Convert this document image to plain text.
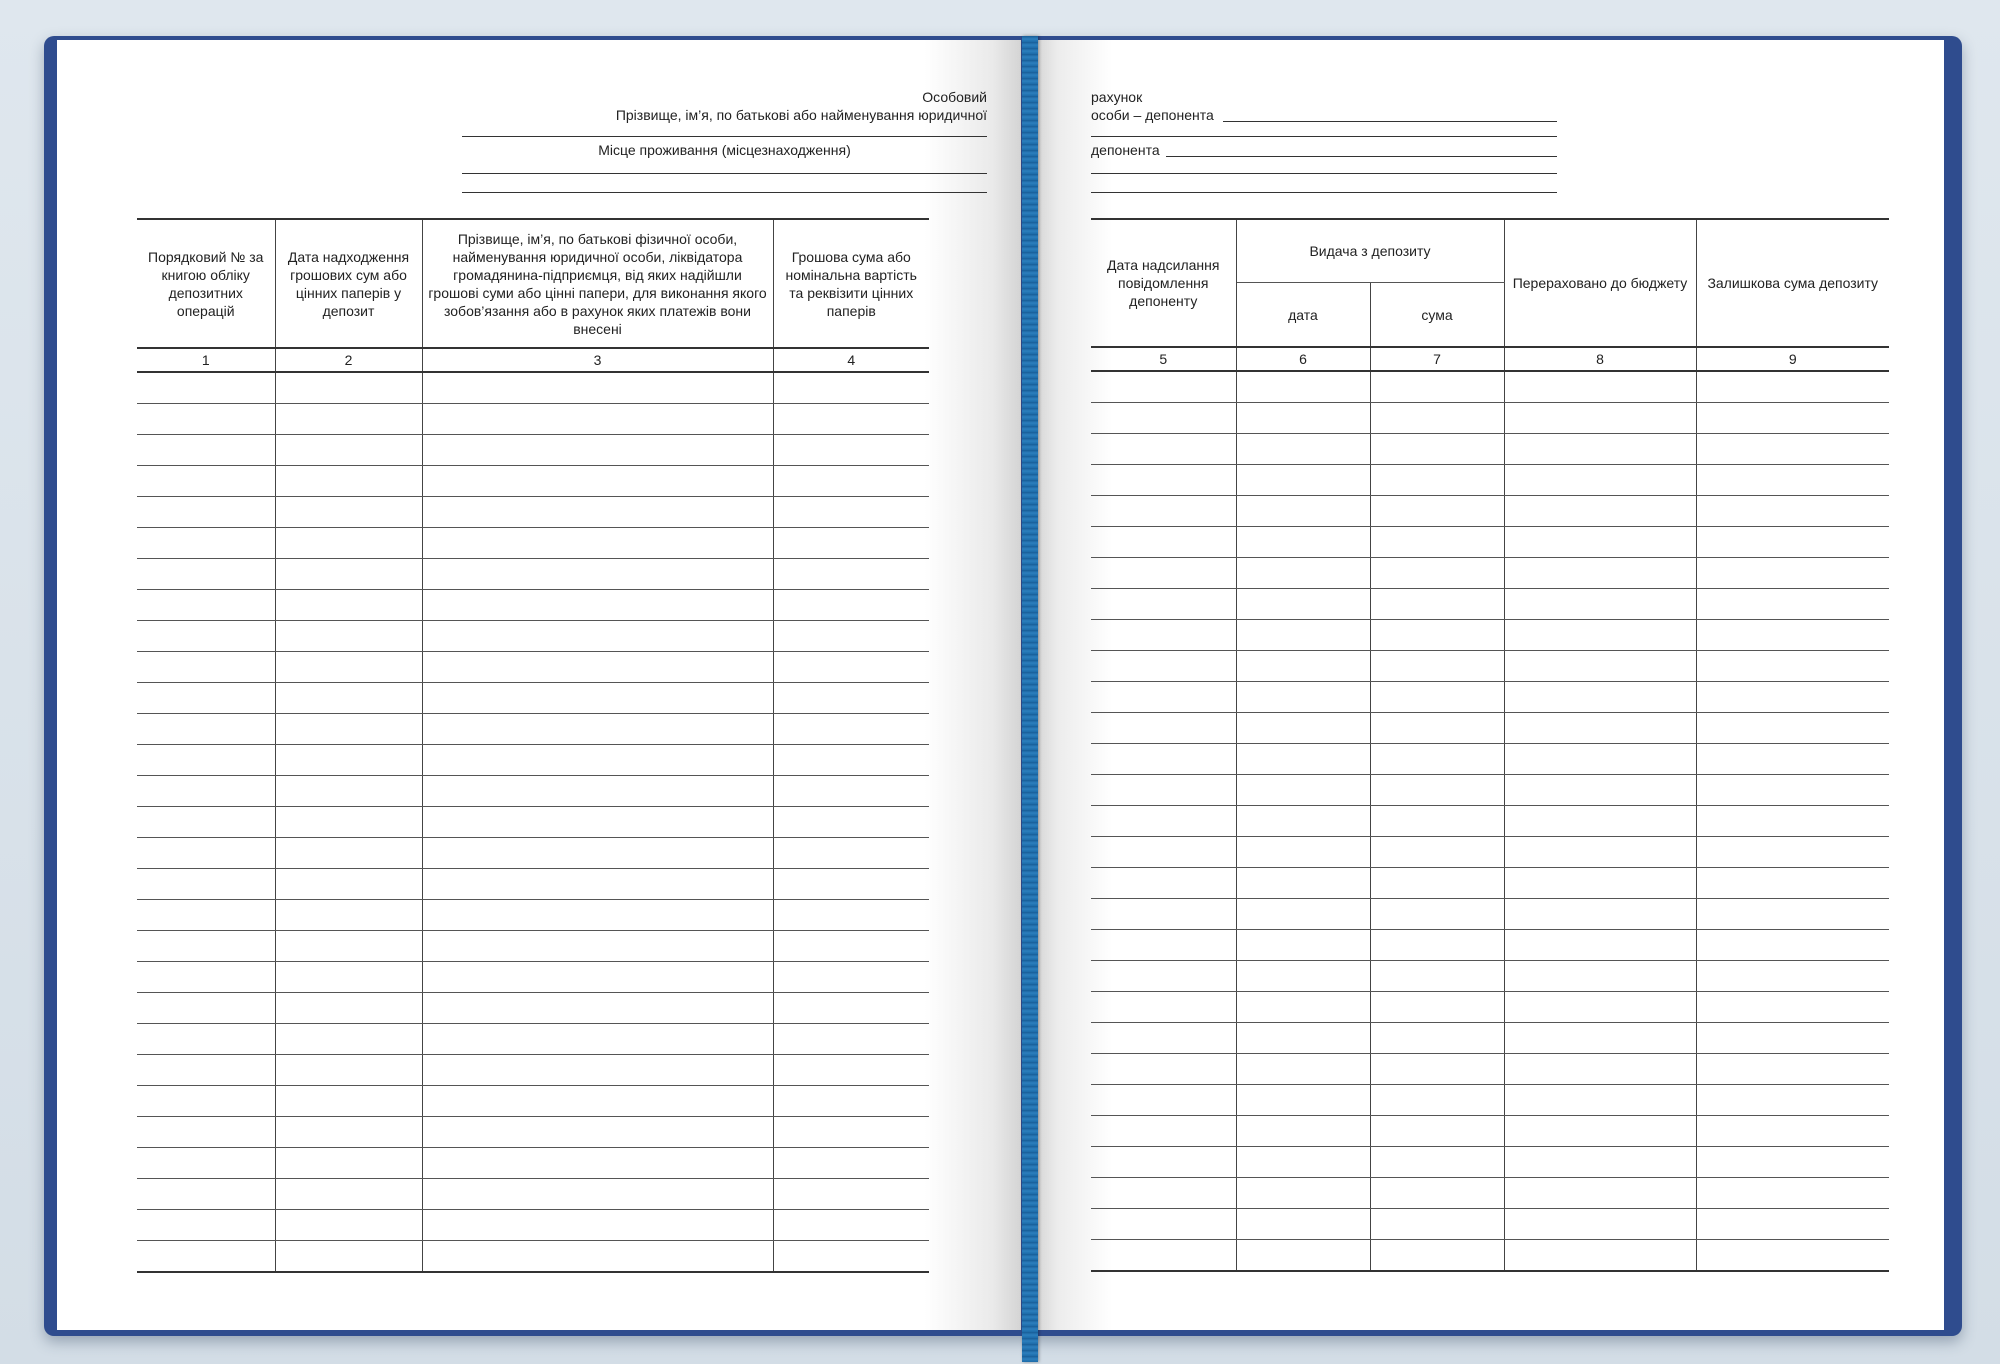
Особовий
Прізвище, ім’я, по батькові або найменування юридичної
Місце проживання (місцезнаходження)
Порядковий № за книгою обліку депозитних операцій	Дата надходження грошових сум або цінних паперів у депозит	Прізвище, ім’я, по батькові фізичної особи, найменування юридичної особи, ліквідатора громадянина-підприємця, від яких надійшли грошові суми або цінні папери, для виконання якого зобов’язання або в рахунок яких платежів вони внесені	Грошова сума або номінальна вартість та реквізити цінних паперів
1	2	3	4

рахунок
особи – депонента
депонента
Дата надсилання повідомлення депоненту	Видача з депозиту		Перераховано до бюджету	Залишкова сума депозиту
	дата	сума		
5	6	7	8	9
